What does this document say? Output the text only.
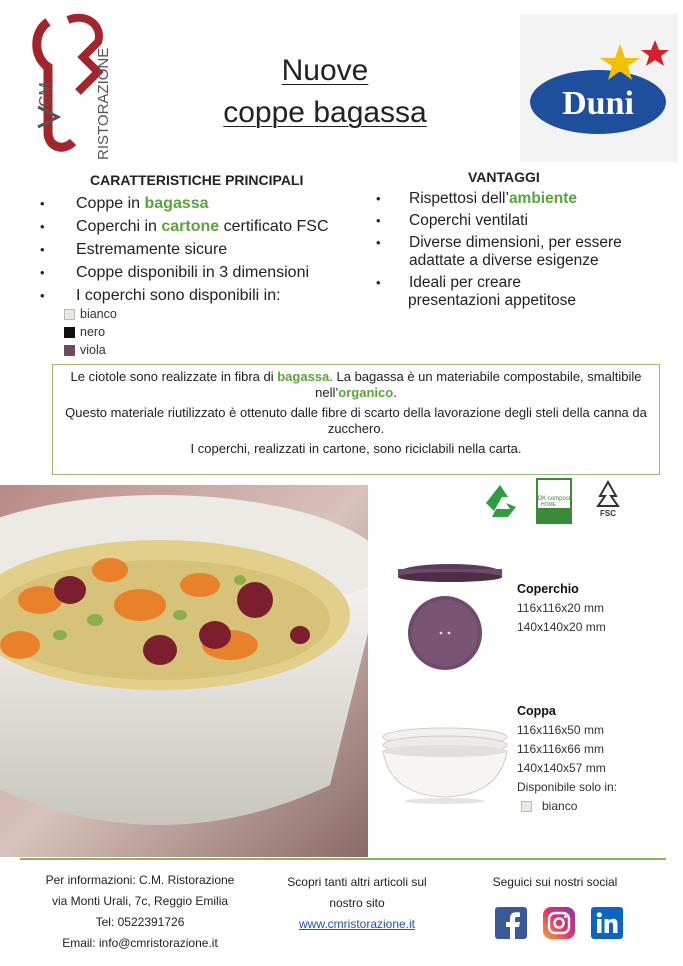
CM	RISTORAZIONE	Nuove
coppe bagassa	Duni
CARATTERISTICHE PRINCIPALI
• Coppe in bagassa
• Coperchi in cartone certificato FSC
• Estremamente sicure
• Coppe disponibili in 3 dimensioni
• I coperchi sono disponibili in:
bianco
nero
viola
VANTAGGI
• Rispettosi dell’ambiente
• Coperchi ventilati
• Diverse dimensioni, per essere adattate a diverse esigenze
• Ideali per creare
presentazioni appetitose

Le ciotole sono realizzate in fibra di bagassa. La bagassa è un materiabile compostabile, smaltibile nell’organico.

Questo materiale riutilizzato è ottenuto dalle fibre di scarto della lavorazione degli steli della canna da zucchero.

I coperchi, realizzati in cartone, sono riciclabili nella carta.

OK compost
HOME
FSC
Coperchio
116x116x20 mm
140x140x20 mm
Coppa
116x116x50 mm
116x116x66 mm
140x140x57 mm
Disponibile solo in:
bianco
Per informazioni: C.M. Ristorazione
via Monti Urali, 7c, Reggio Emilia
Tel: 0522391726
Email: info@cmristorazione.it
Scopri tanti altri articoli sul
nostro sito
www.cmristorazione.it
Seguici sui nostri social
